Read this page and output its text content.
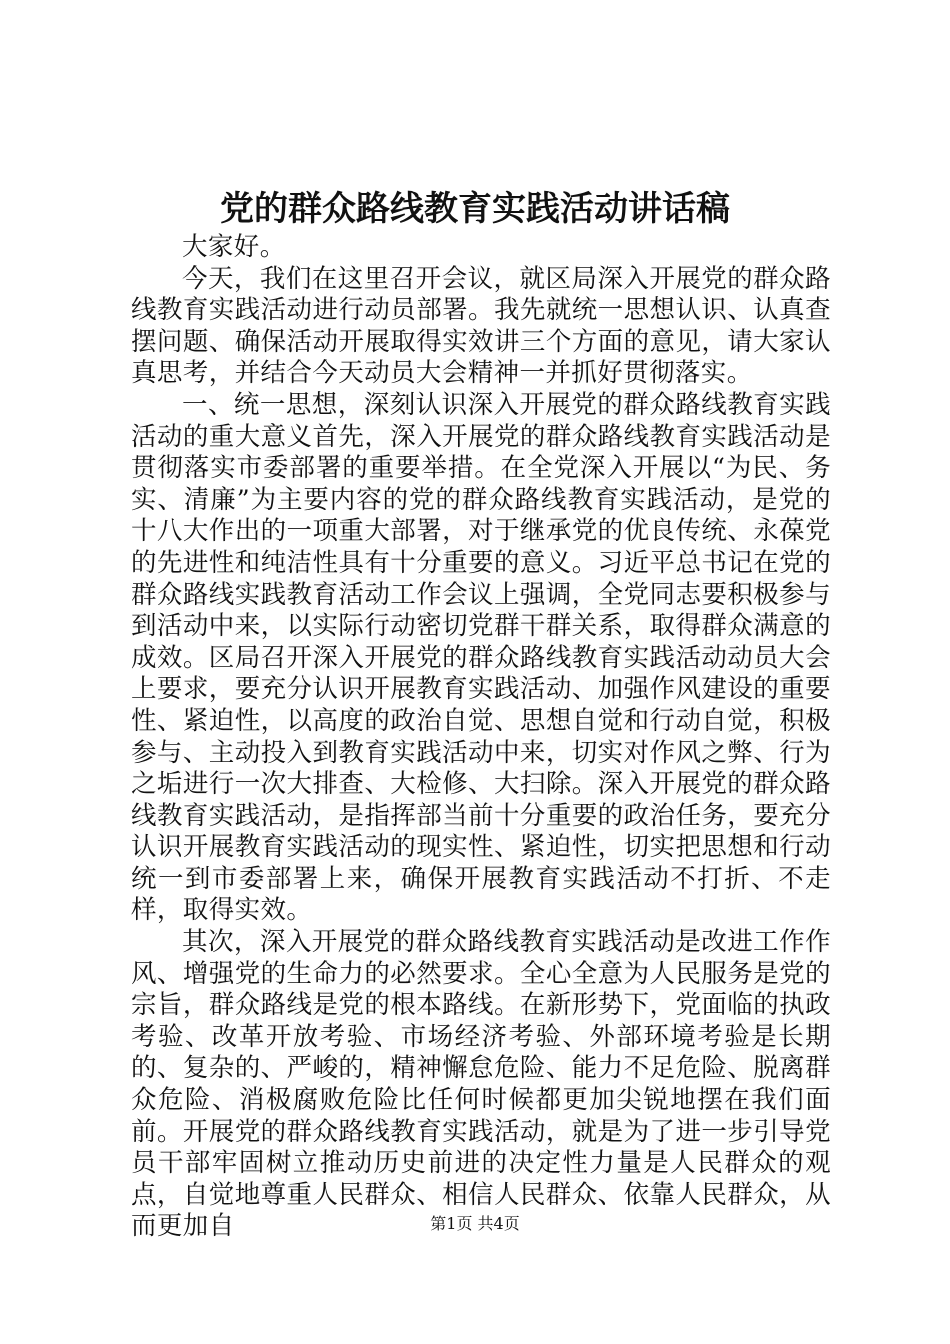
党的群众路线教育实践活动讲话稿

大家好。

今天，我们在这里召开会议，就区局深入开展党的群众路线教育实践活动进行动员部署。我先就统一思想认识、认真查摆问题、确保活动开展取得实效讲三个方面的意见，请大家认真思考，并结合今天动员大会精神一并抓好贯彻落实。

一、统一思想，深刻认识深入开展党的群众路线教育实践活动的重大意义首先，深入开展党的群众路线教育实践活动是贯彻落实市委部署的重要举措。在全党深入开展以“为民、务实、清廉”为主要内容的党的群众路线教育实践活动，是党的十八大作出的一项重大部署，对于继承党的优良传统、永葆党的先进性和纯洁性具有十分重要的意义。习近平总书记在党的群众路线实践教育活动工作会议上强调，全党同志要积极参与到活动中来，以实际行动密切党群干群关系，取得群众满意的成效。区局召开深入开展党的群众路线教育实践活动动员大会上要求，要充分认识开展教育实践活动、加强作风建设的重要性、紧迫性，以高度的政治自觉、思想自觉和行动自觉，积极参与、主动投入到教育实践活动中来，切实对作风之弊、行为之垢进行一次大排查、大检修、大扫除。深入开展党的群众路线教育实践活动，是指挥部当前十分重要的政治任务，要充分认识开展教育实践活动的现实性、紧迫性，切实把思想和行动统一到市委部署上来，确保开展教育实践活动不打折、不走样，取得实效。

其次，深入开展党的群众路线教育实践活动是改进工作作风、增强党的生命力的必然要求。全心全意为人民服务是党的宗旨，群众路线是党的根本路线。在新形势下，党面临的执政考验、改革开放考验、市场经济考验、外部环境考验是长期的、复杂的、严峻的，精神懈怠危险、能力不足危险、脱离群众危险、消极腐败危险比任何时候都更加尖锐地摆在我们面前。开展党的群众路线教育实践活动，就是为了进一步引导党员干部牢固树立推动历史前进的决定性力量是人民群众的观点，自觉地尊重人民群众、相信人民群众、依靠人民群众，从而更加自	第1页 共4页
